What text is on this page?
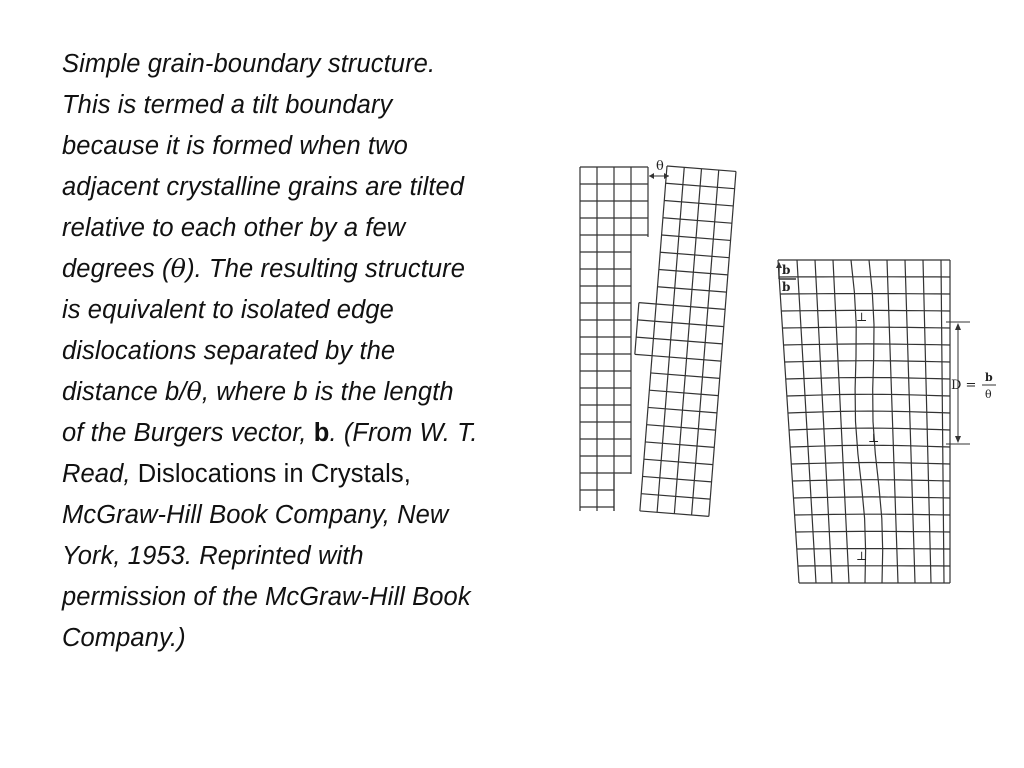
Simple grain-boundary structure.
This is termed a tilt boundary
because it is formed when two
adjacent crystalline grains are tilted
relative to each other by a few
degrees (θ). The resulting structure
is equivalent to isolated edge
dislocations separated by the
distance b/θ, where b is the length
of the Burgers vector, b. (From W. T.
Read, Dislocations in Crystals,
McGraw-Hill Book Company, New
York, 1953. Reprinted with
permission of the McGraw-Hill Book
Company.)
θ
b
b
D =
b
θ
⊥
⊥
⊥
